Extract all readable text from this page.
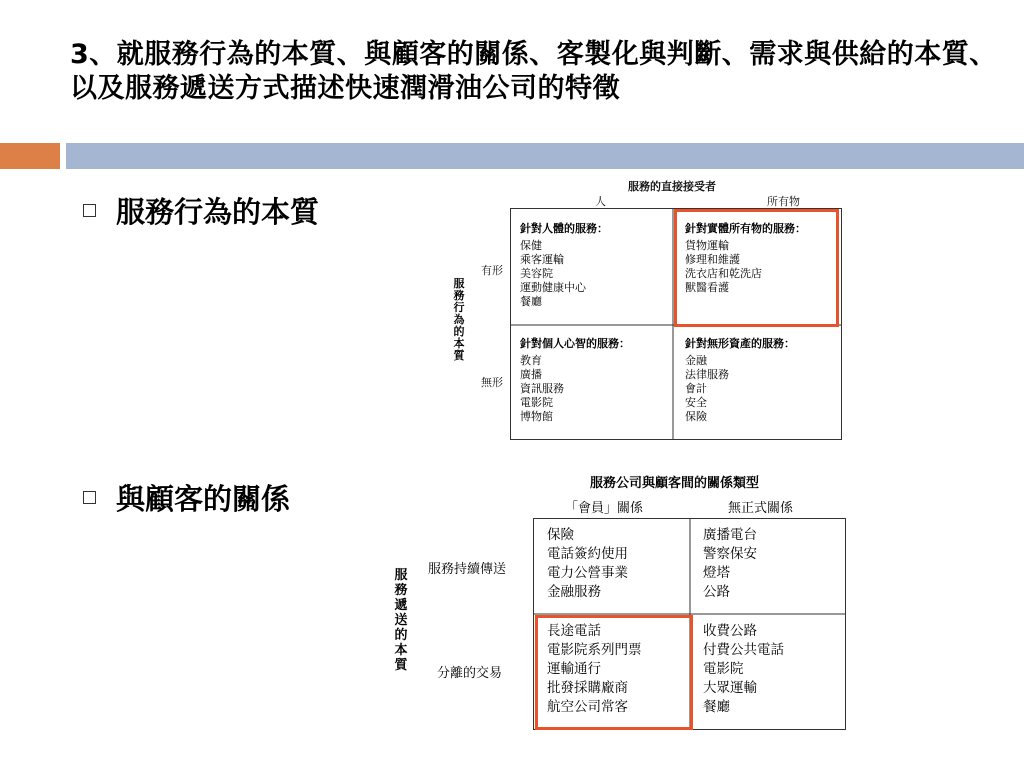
3、就服務行為的本質、與顧客的關係、客製化與判斷、需求與供給的本質、以及服務遞送方式描述快速潤滑油公司的特徵
服務行為的本質
與顧客的關係
服務的直接接受者
人	所有物
服務行為的本質
有形
無形
針對人體的服務：
保健
乘客運輸
美容院
運動健康中心
餐廳
針對實體所有物的服務：
貨物運輸
修理和維護
洗衣店和乾洗店
獸醫看護
針對個人心智的服務：
教育
廣播
資訊服務
電影院
博物館
針對無形資產的服務：
金融
法律服務
會計
安全
保險
服務公司與顧客間的關係類型
「會員」關係	無正式關係
服務遞送的本質
服務持續傳送
分離的交易
保險
電話簽約使用
電力公營事業
金融服務
廣播電台
警察保安
燈塔
公路
長途電話
電影院系列門票
運輸通行
批發採購廠商
航空公司常客
收費公路
付費公共電話
電影院
大眾運輸
餐廳
